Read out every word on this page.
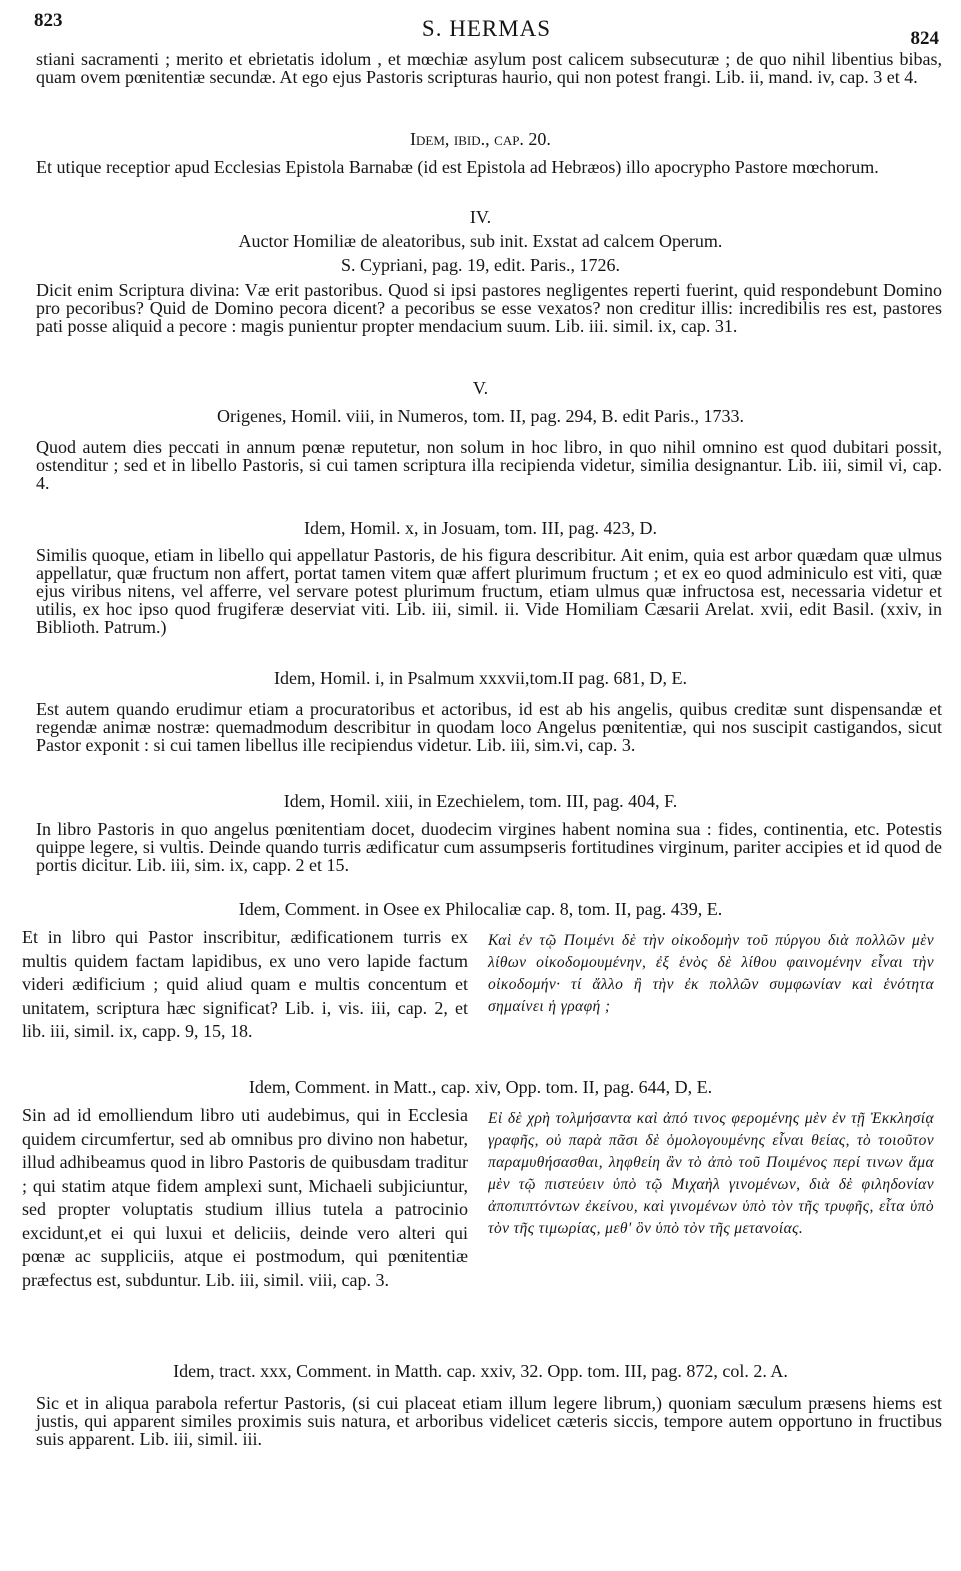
823	S. HERMAS	824

stiani sacramenti ; merito et ebrietatis idolum , et mœchiæ asylum post calicem subsecuturæ ; de quo nihil libentius bibas, quam ovem pœnitentiæ secundæ. At ego ejus Pastoris scripturas haurio, qui non potest frangi. Lib. ii, mand. iv, cap. 3 et 4.

Idem, ibid., cap. 20.

Et utique receptior apud Ecclesias Epistola Barnabæ (id est Epistola ad Hebræos) illo apocrypho Pastore mœchorum.

IV.
Auctor Homiliæ de aleatoribus, sub init. Exstat ad calcem Operum.
S. Cypriani, pag. 19, edit. Paris., 1726.

Dicit enim Scriptura divina: Væ erit pastoribus. Quod si ipsi pastores negligentes reperti fuerint, quid respondebunt Domino pro pecoribus? Quid de Domino pecora dicent? a pecoribus se esse vexatos? non creditur illis: incredibilis res est, pastores pati posse aliquid a pecore : magis punientur propter mendacium suum. Lib. iii. simil. ix, cap. 31.

V.
Origenes, Homil. viii, in Numeros, tom. II, pag. 294, B. edit Paris., 1733.

Quod autem dies peccati in annum pœnæ reputetur, non solum in hoc libro, in quo nihil omnino est quod dubitari possit, ostenditur ; sed et in libello Pastoris, si cui tamen scriptura illa recipienda videtur, similia designantur. Lib. iii, simil vi, cap. 4.

Idem, Homil. x, in Josuam, tom. III, pag. 423, D.

Similis quoque, etiam in libello qui appellatur Pastoris, de his figura describitur. Ait enim, quia est arbor quædam quæ ulmus appellatur, quæ fructum non affert, portat tamen vitem quæ affert plurimum fructum ; et ex eo quod adminiculo est viti, quæ ejus viribus nitens, vel afferre, vel servare potest plurimum fructum, etiam ulmus quæ infructosa est, necessaria videtur et utilis, ex hoc ipso quod frugiferæ deserviat viti. Lib. iii, simil. ii. Vide Homiliam Cæsarii Arelat. xvii, edit Basil. (xxiv, in Biblioth. Patrum.)

Idem, Homil. i, in Psalmum xxxvii,tom.II pag. 681, D, E.

Est autem quando erudimur etiam a procuratoribus et actoribus, id est ab his angelis, quibus creditæ sunt dispensandæ et regendæ animæ nostræ: quemadmodum describitur in quodam loco Angelus pœnitentiæ, qui nos suscipit castigandos, sicut Pastor exponit : si cui tamen libellus ille recipiendus videtur. Lib. iii, sim.vi, cap. 3.

Idem, Homil. xiii, in Ezechielem, tom. III, pag. 404, F.

In libro Pastoris in quo angelus pœnitentiam docet, duodecim virgines habent nomina sua : fides, continentia, etc. Potestis quippe legere, si vultis. Deinde quando turris ædificatur cum assumpseris fortitudines virginum, pariter accipies et id quod de portis dicitur. Lib. iii, sim. ix, capp. 2 et 15.

Idem, Comment. in Osee ex Philocaliæ cap. 8, tom. II, pag. 439, E.
Et in libro qui Pastor inscribitur, ædificationem turris ex multis quidem factam lapidibus, ex uno vero lapide factum videri ædificium ; quid aliud quam e multis concentum et unitatem, scriptura hæc significat? Lib. i, vis. iii, cap. 2, et lib. iii, simil. ix, capp. 9, 15, 18.
Καὶ ἐν τῷ Ποιμένι δὲ τὴν οἰκοδομὴν τοῦ πύργου διὰ πολλῶν μὲν λίθων οἰκοδομουμένην, ἐξ ἑνὸς δὲ λίθου φαινομένην εἶναι τὴν οἰκοδομήν· τί ἄλλο ἢ τὴν ἐκ πολλῶν συμφωνίαν καὶ ἑνότητα σημαίνει ἡ γραφή ;
Idem, Comment. in Matt., cap. xiv, Opp. tom. II, pag. 644, D, E.
Sin ad id emolliendum libro uti audebimus, qui in Ecclesia quidem circumfertur, sed ab omnibus pro divino non habetur, illud adhibeamus quod in libro Pastoris de quibusdam traditur ; qui statim atque fidem amplexi sunt, Michaeli subjiciuntur, sed propter voluptatis studium illius tutela a patrocinio excidunt,et ei qui luxui et deliciis, deinde vero alteri qui pœnæ ac suppliciis, atque ei postmodum, qui pœnitentiæ præfectus est, subduntur. Lib. iii, simil. viii, cap. 3.
Εἰ δὲ χρὴ τολμήσαντα καὶ ἀπό τινος φερομένης μὲν ἐν τῇ Ἐκκλησίᾳ γραφῆς, οὐ παρὰ πᾶσι δὲ ὁμολογουμένης εἶναι θείας, τὸ τοιοῦτον παραμυθήσασθαι, ληφθείη ἂν τὸ ἀπὸ τοῦ Ποιμένος περί τινων ἅμα μὲν τῷ πιστεύειν ὑπὸ τῷ Μιχαὴλ γινομένων, διὰ δὲ φιληδονίαν ἀποπιπτόντων ἐκείνου, καὶ γινομένων ὑπὸ τὸν τῆς τρυφῆς, εἶτα ὑπὸ τὸν τῆς τιμωρίας, μεθ' ὃν ὑπὸ τὸν τῆς μετανοίας.
Idem, tract. xxx, Comment. in Matth. cap. xxiv, 32. Opp. tom. III, pag. 872, col. 2. A.

Sic et in aliqua parabola refertur Pastoris, (si cui placeat etiam illum legere librum,) quoniam sæculum præsens hiems est justis, qui apparent similes proximis suis natura, et arboribus videlicet cæteris siccis, tempore autem opportuno in fructibus suis apparent. Lib. iii, simil. iii.
